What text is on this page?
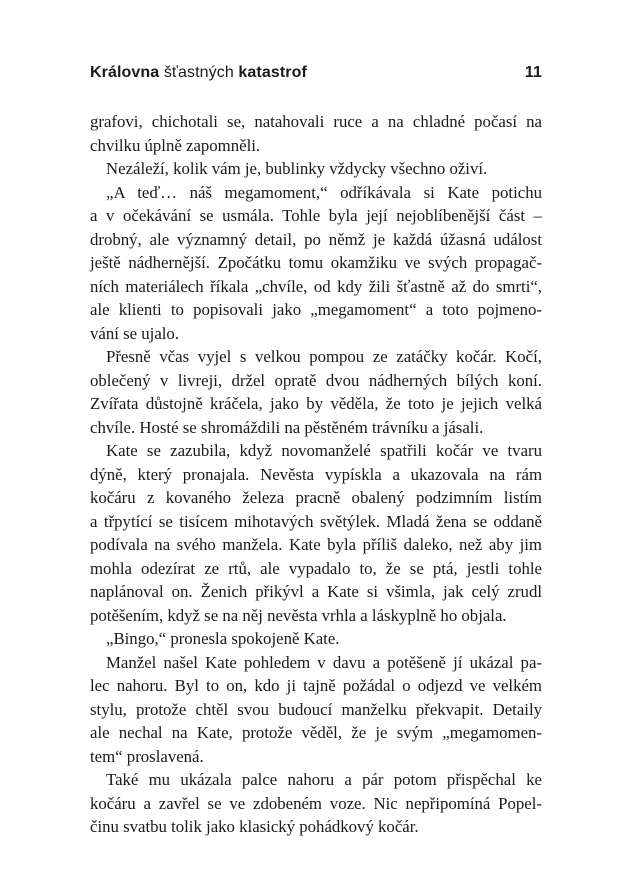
Královna šťastných katastrof	11
grafovi, chichotali se, natahovali ruce a na chladné počasí na
chvilku úplně zapomněli.
Nezáleží, kolik vám je, bublinky vždycky všechno oživí.
„A teď… náš megamoment,“ odříkávala si Kate potichu
a v očekávání se usmála. Tohle byla její nejoblíbenější část –
drobný, ale významný detail, po němž je každá úžasná událost
ještě nádhernější. Zpočátku tomu okamžiku ve svých propagač-
ních materiálech říkala „chvíle, od kdy žili šťastně až do smrti“,
ale klienti to popisovali jako „megamoment“ a toto pojmeno-
vání se ujalo.
Přesně včas vyjel s velkou pompou ze zatáčky kočár. Kočí,
oblečený v livreji, držel opratě dvou nádherných bílých koní.
Zvířata důstojně kráčela, jako by věděla, že toto je jejich velká
chvíle. Hosté se shromáždili na pěstěném trávníku a jásali.
Kate se zazubila, když novomanželé spatřili kočár ve tvaru
dýně, který pronajala. Nevěsta vypískla a ukazovala na rám
kočáru z kovaného železa pracně obalený podzimním listím
a třpytící se tisícem mihotavých světýlek. Mladá žena se oddaně
podívala na svého manžela. Kate byla příliš daleko, než aby jim
mohla odezírat ze rtů, ale vypadalo to, že se ptá, jestli tohle
naplánoval on. Ženich přikývl a Kate si všimla, jak celý zrudl
potěšením, když se na něj nevěsta vrhla a láskyplně ho objala.
„Bingo,“ pronesla spokojeně Kate.
Manžel našel Kate pohledem v davu a potěšeně jí ukázal pa-
lec nahoru. Byl to on, kdo ji tajně požádal o odjezd ve velkém
stylu, protože chtěl svou budoucí manželku překvapit. Detaily
ale nechal na Kate, protože věděl, že je svým „megamomen-
tem“ proslavená.
Také mu ukázala palce nahoru a pár potom přispěchal ke
kočáru a zavřel se ve zdobeném voze. Nic nepřipomíná Popel-
činu svatbu tolik jako klasický pohádkový kočár.
